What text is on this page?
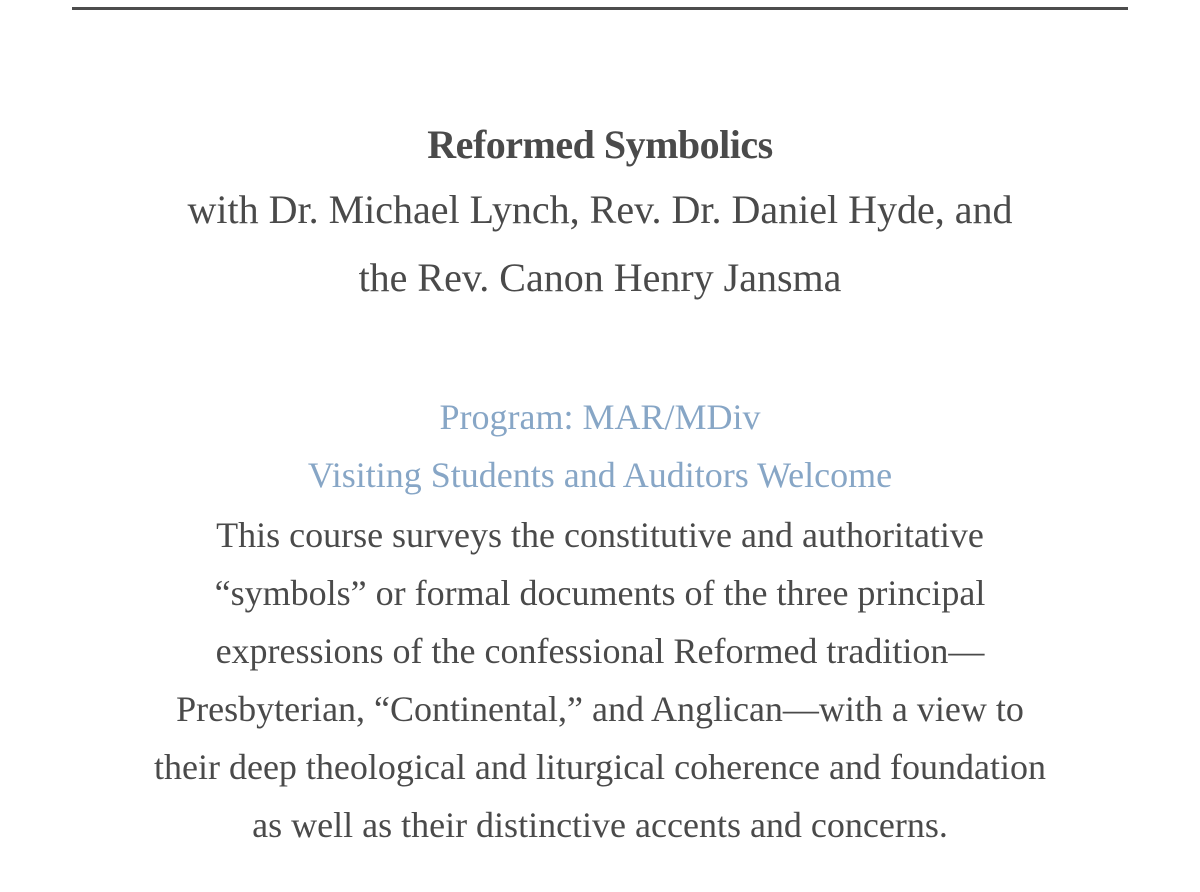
Reformed Symbolics
with Dr. Michael Lynch, Rev. Dr. Daniel Hyde, and
the Rev. Canon Henry Jansma
Program: MAR/MDiv
Visiting Students and Auditors Welcome
This course surveys the constitutive and authoritative
“symbols” or formal documents of the three principal
expressions of the confessional Reformed tradition—
Presbyterian, “Continental,” and Anglican—with a view to
their deep theological and liturgical coherence and foundation
as well as their distinctive accents and concerns.
